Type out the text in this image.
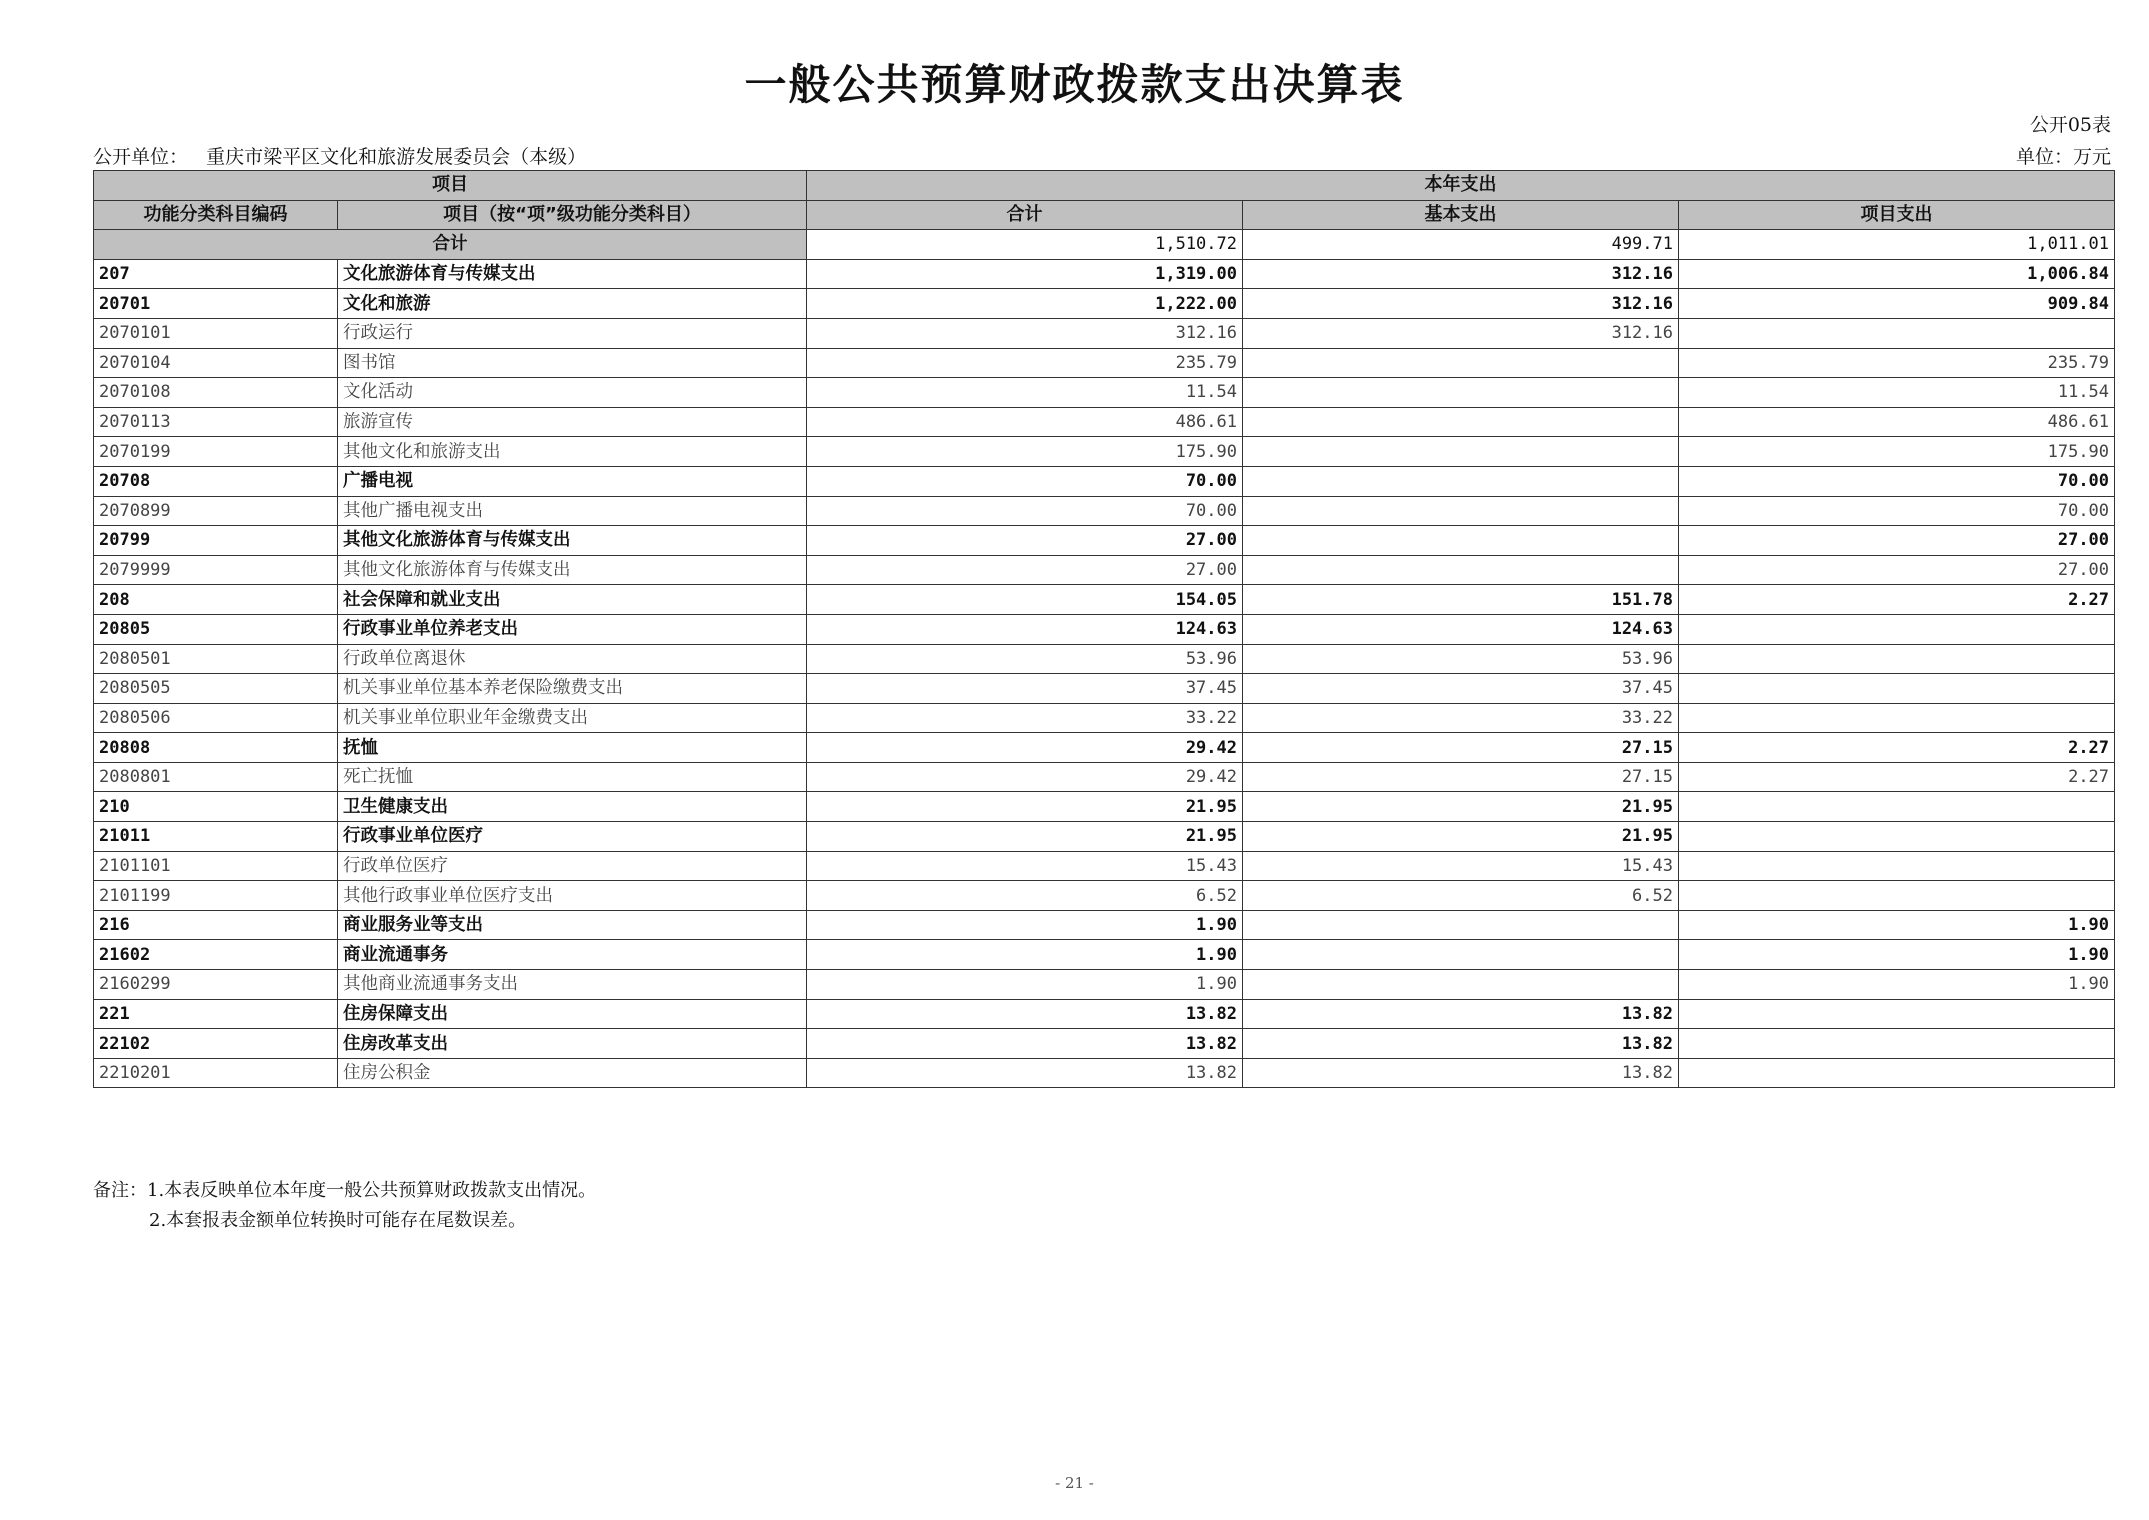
一般公共预算财政拨款支出决算表
公开05表
公开单位： 重庆市梁平区文化和旅游发展委员会（本级）	单位：万元
项目		本年支出		
功能分类科目编码	项目（按“项”级功能分类科目）	合计	基本支出	项目支出
合计		1,510.72	499.71	1,011.01
207	文化旅游体育与传媒支出	1,319.00	312.16	1,006.84
20701	文化和旅游	1,222.00	312.16	909.84
2070101	行政运行	312.16	312.16	
2070104	图书馆	235.79		235.79
2070108	文化活动	11.54		11.54
2070113	旅游宣传	486.61		486.61
2070199	其他文化和旅游支出	175.90		175.90
20708	广播电视	70.00		70.00
2070899	其他广播电视支出	70.00		70.00
20799	其他文化旅游体育与传媒支出	27.00		27.00
2079999	其他文化旅游体育与传媒支出	27.00		27.00
208	社会保障和就业支出	154.05	151.78	2.27
20805	行政事业单位养老支出	124.63	124.63	
2080501	行政单位离退休	53.96	53.96	
2080505	机关事业单位基本养老保险缴费支出	37.45	37.45	
2080506	机关事业单位职业年金缴费支出	33.22	33.22	
20808	抚恤	29.42	27.15	2.27
2080801	死亡抚恤	29.42	27.15	2.27
210	卫生健康支出	21.95	21.95	
21011	行政事业单位医疗	21.95	21.95	
2101101	行政单位医疗	15.43	15.43	
2101199	其他行政事业单位医疗支出	6.52	6.52	
216	商业服务业等支出	1.90		1.90
21602	商业流通事务	1.90		1.90
2160299	其他商业流通事务支出	1.90		1.90
221	住房保障支出	13.82	13.82	
22102	住房改革支出	13.82	13.82	
2210201	住房公积金	13.82	13.82	
备注：1.本表反映单位本年度一般公共预算财政拨款支出情况。
2.本套报表金额单位转换时可能存在尾数误差。
- 21 -
